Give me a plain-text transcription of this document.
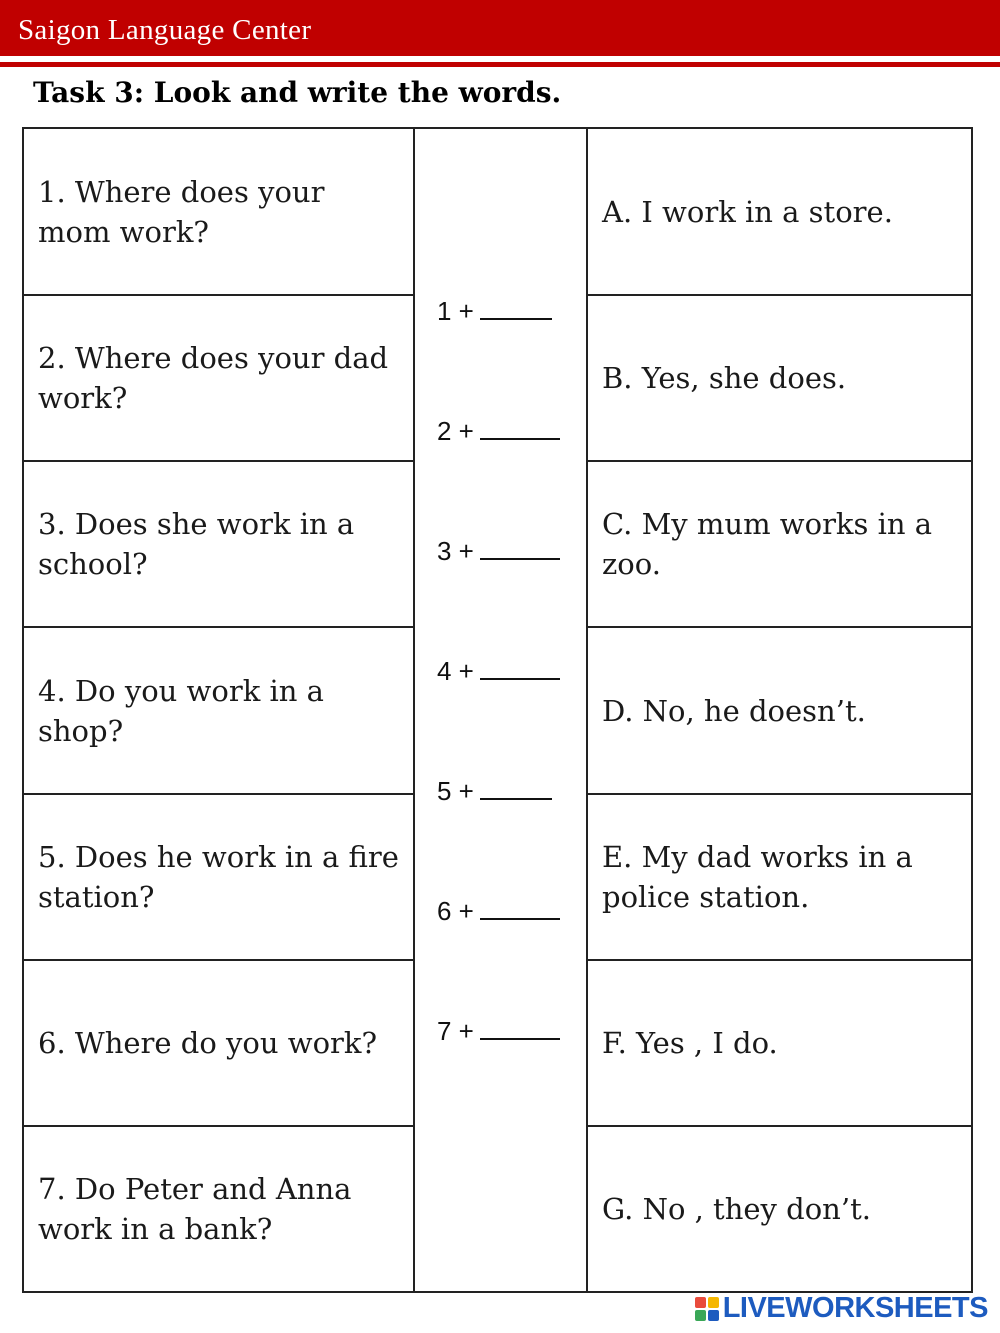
Saigon Language Center
Task 3: Look and write the words.
1. Where does your mom work?
2. Where does your dad work?
3. Does she work in a school?
4. Do you work in a shop?
5. Does he work in a fire station?
6. Where do you work?
7. Do Peter and Anna work in a bank?
1 +
2 +
3 +
4 +
5 +
6 +
7 +
A. I work in a store.
B. Yes, she does.
C. My mum works in a zoo.
D. No, he doesn’t.
E. My dad works in a police station.
F. Yes , I do.
G. No , they don’t.
LIVEWORKSHEETS
